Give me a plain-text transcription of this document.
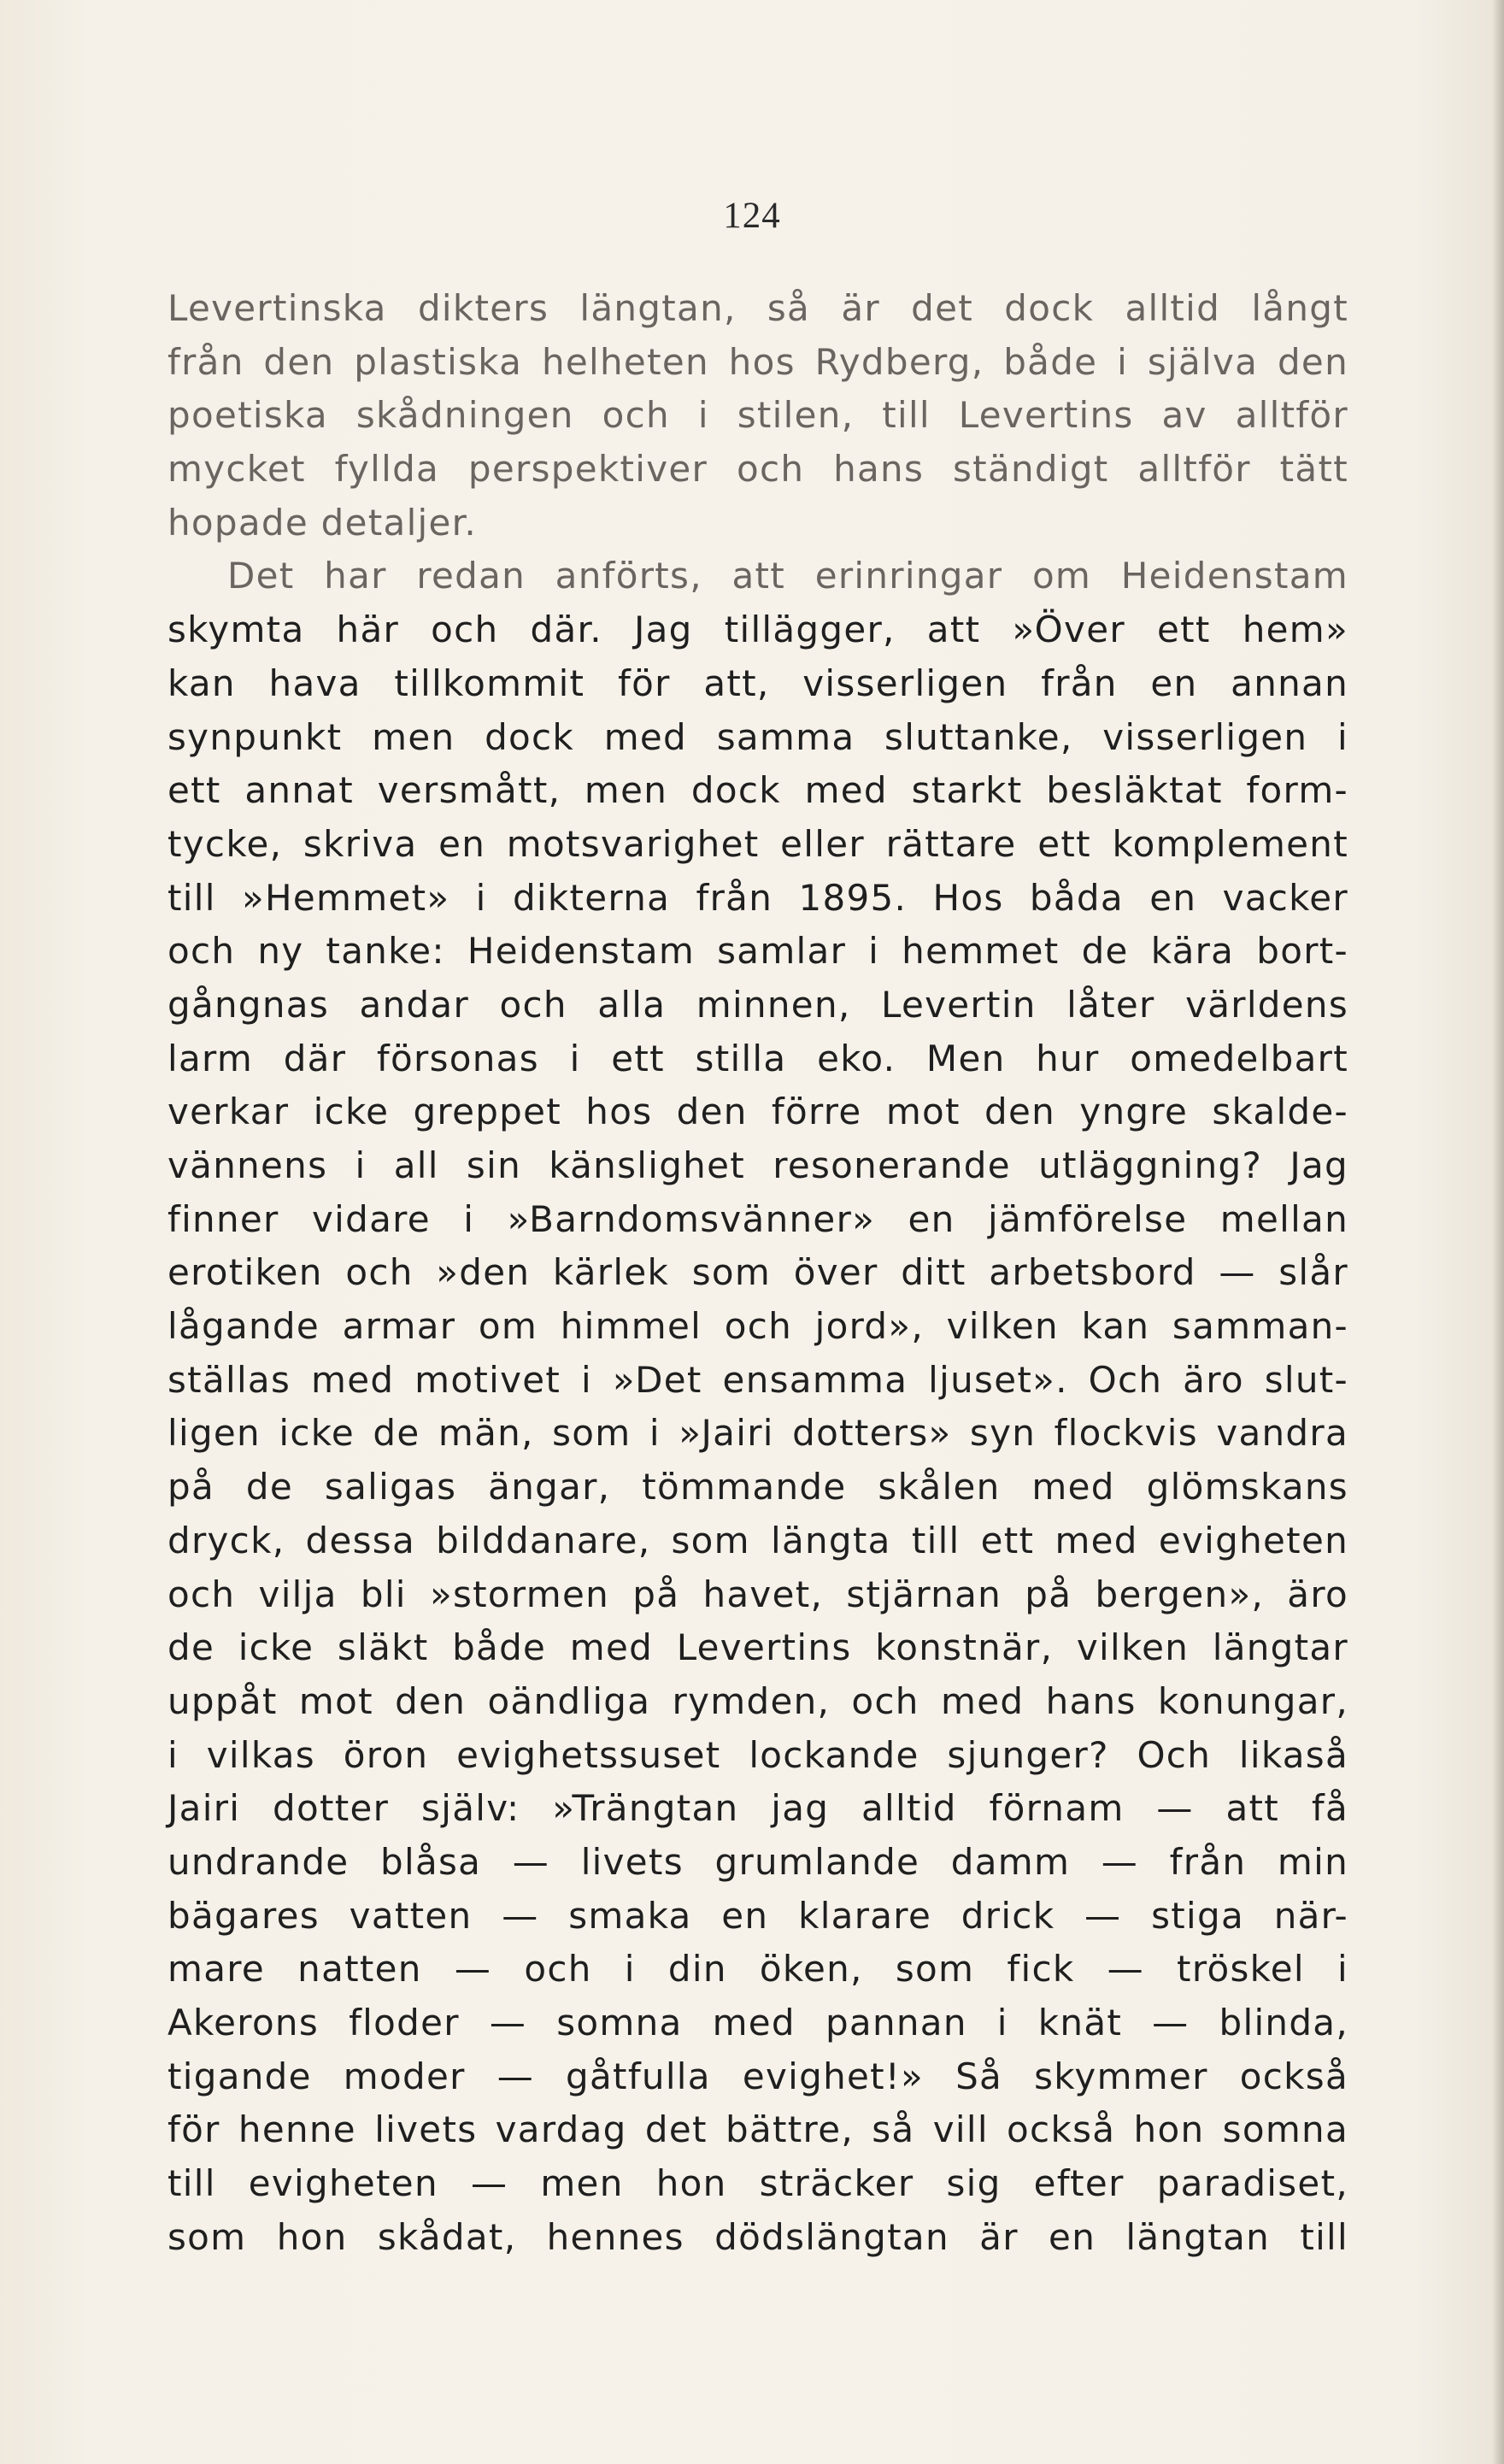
124
Levertinska dikters längtan, så är det dock alltid långt
från den plastiska helheten hos Rydberg, både i själva den
poetiska skådningen och i stilen, till Levertins av alltför
mycket fyllda perspektiver och hans ständigt alltför tätt
hopade detaljer.
Det har redan anförts, att erinringar om Heidenstam
skymta här och där. Jag tillägger, att »Över ett hem»
kan hava tillkommit för att, visserligen från en annan
synpunkt men dock med samma sluttanke, visserligen i
ett annat versmått, men dock med starkt besläktat form-
tycke, skriva en motsvarighet eller rättare ett komplement
till »Hemmet» i dikterna från 1895. Hos båda en vacker
och ny tanke: Heidenstam samlar i hemmet de kära bort-
gångnas andar och alla minnen, Levertin låter världens
larm där försonas i ett stilla eko. Men hur omedelbart
verkar icke greppet hos den förre mot den yngre skalde-
vännens i all sin känslighet resonerande utläggning? Jag
finner vidare i »Barndomsvänner» en jämförelse mellan
erotiken och »den kärlek som över ditt arbetsbord — slår
lågande armar om himmel och jord», vilken kan samman-
ställas med motivet i »Det ensamma ljuset». Och äro slut-
ligen icke de män, som i »Jairi dotters» syn flockvis vandra
på de saligas ängar, tömmande skålen med glömskans
dryck, dessa bilddanare, som längta till ett med evigheten
och vilja bli »stormen på havet, stjärnan på bergen», äro
de icke släkt både med Levertins konstnär, vilken längtar
uppåt mot den oändliga rymden, och med hans konungar,
i vilkas öron evighetssuset lockande sjunger? Och likaså
Jairi dotter själv: »Trängtan jag alltid förnam — att få
undrande blåsa — livets grumlande damm — från min
bägares vatten — smaka en klarare drick — stiga när-
mare natten — och i din öken, som fick — tröskel i
Akerons floder — somna med pannan i knät — blinda,
tigande moder — gåtfulla evighet!» Så skymmer också
för henne livets vardag det bättre, så vill också hon somna
till evigheten — men hon sträcker sig efter paradiset,
som hon skådat, hennes dödslängtan är en längtan till
